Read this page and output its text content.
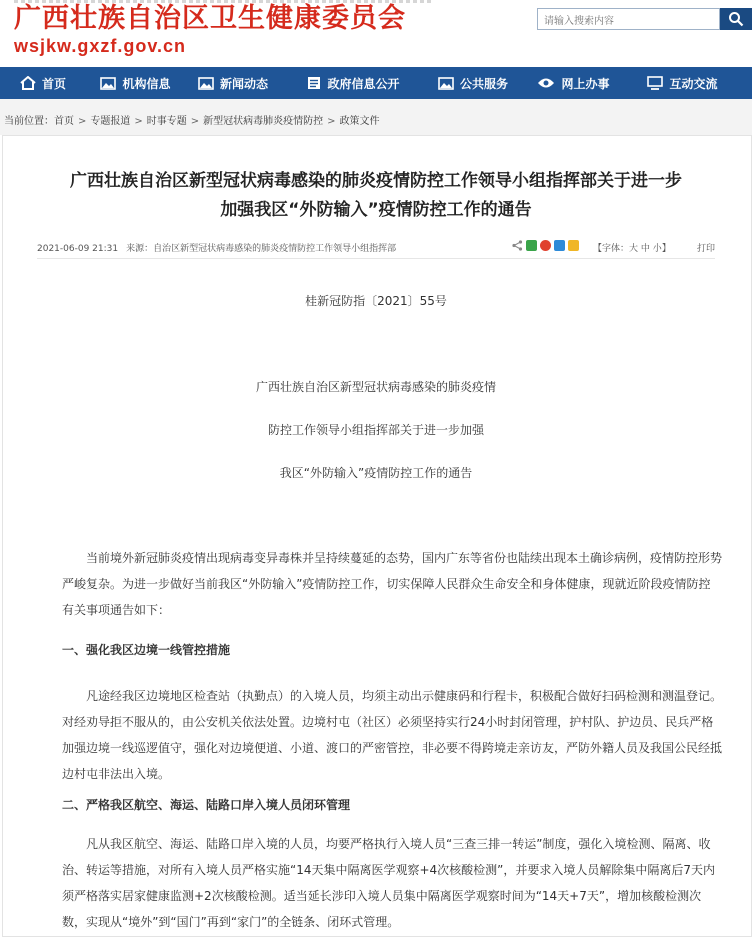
广西壮族自治区卫生健康委员会
wsjkw.gxzf.gov.cn
请输入搜索内容
首页	机构信息	新闻动态	政府信息公开	公共服务	网上办事	互动交流
当前位置：首页 > 专题报道 > 时事专题 > 新型冠状病毒肺炎疫情防控 > 政策文件
广西壮族自治区新型冠状病毒感染的肺炎疫情防控工作领导小组指挥部关于进一步
加强我区“外防输入”疫情防控工作的通告
2021-06-09 21:31 来源：自治区新型冠状病毒感染的肺炎疫情防控工作领导小组指挥部	【字体：大 中 小】	打印
桂新冠防指〔2021〕55号
广西壮族自治区新型冠状病毒感染的肺炎疫情
防控工作领导小组指挥部关于进一步加强
我区“外防输入”疫情防控工作的通告

当前境外新冠肺炎疫情出现病毒变异毒株并呈持续蔓延的态势，国内广东等省份也陆续出现本土确诊病例，疫情防控形势严峻复杂。为进一步做好当前我区“外防输入”疫情防控工作，切实保障人民群众生命安全和身体健康，现就近阶段疫情防控有关事项通告如下：

一、强化我区边境一线管控措施

凡途经我区边境地区检查站（执勤点）的入境人员，均须主动出示健康码和行程卡，积极配合做好扫码检测和测温登记。对经劝导拒不服从的，由公安机关依法处置。边境村屯（社区）必须坚持实行24小时封闭管理，护村队、护边员、民兵严格加强边境一线巡逻值守，强化对边境便道、小道、渡口的严密管控，非必要不得跨境走亲访友，严防外籍人员及我国公民经抵边村屯非法出入境。

二、严格我区航空、海运、陆路口岸入境人员闭环管理

凡从我区航空、海运、陆路口岸入境的人员，均要严格执行入境人员“三查三排一转运”制度，强化入境检测、隔离、收治、转运等措施，对所有入境人员严格实施“14天集中隔离医学观察+4次核酸检测”，并要求入境人员解除集中隔离后7天内须严格落实居家健康监测+2次核酸检测。适当延长涉印入境人员集中隔离医学观察时间为“14天+7天”，增加核酸检测次数，实现从“境外”到“国门”再到“家门”的全链条、闭环式管理。
